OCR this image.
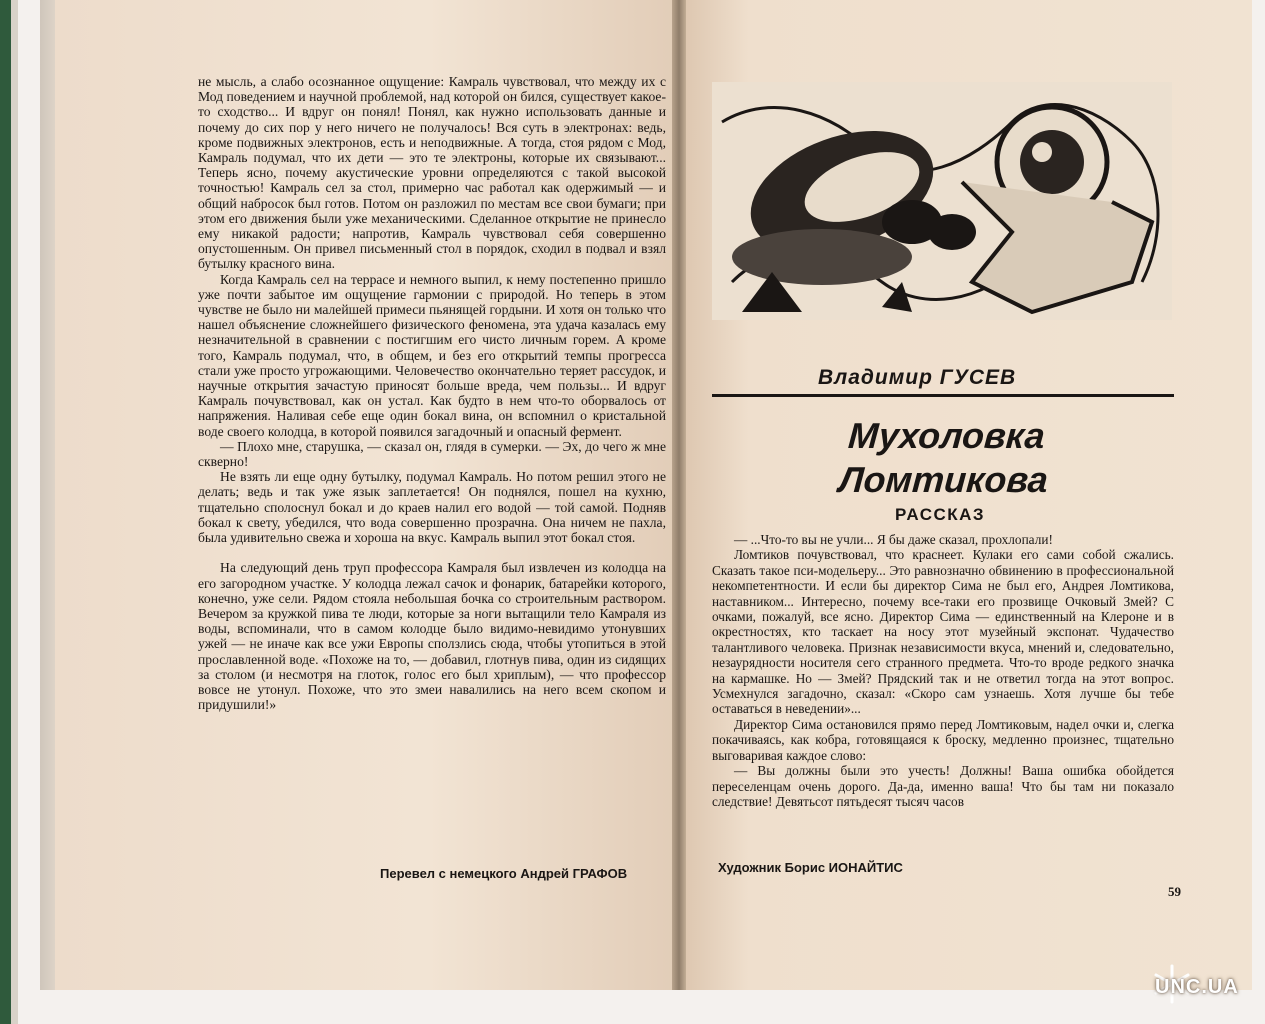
не мысль, а слабо осознанное ощущение: Камраль чувствовал, что между их с Мод поведением и научной проблемой, над которой он бился, существует какое-то сходство... И вдруг он понял! Понял, как нужно использовать данные и почему до сих пор у него ничего не получалось! Вся суть в электронах: ведь, кроме подвижных электронов, есть и неподвижные. А тогда, стоя рядом с Мод, Камраль подумал, что их дети — это те электроны, которые их связывают... Теперь ясно, почему акустические уровни определяются с такой высокой точностью! Камраль сел за стол, примерно час работал как одержимый — и общий набросок был готов. Потом он разложил по местам все свои бумаги; при этом его движения были уже механическими. Сделанное открытие не принесло ему никакой радости; напротив, Камраль чувствовал себя совершенно опустошенным. Он привел письменный стол в порядок, сходил в подвал и взял бутылку красного вина.

Когда Камраль сел на террасе и немного выпил, к нему постепенно пришло уже почти забытое им ощущение гармонии с природой. Но теперь в этом чувстве не было ни малейшей примеси пьянящей гордыни. И хотя он только что нашел объяснение сложнейшего физического феномена, эта удача казалась ему незначительной в сравнении с постигшим его чисто личным горем. А кроме того, Камраль подумал, что, в общем, и без его открытий темпы прогресса стали уже просто угрожающими. Человечество окончательно теряет рассудок, и научные открытия зачастую приносят больше вреда, чем пользы... И вдруг Камраль почувствовал, как он устал. Как будто в нем что-то оборвалось от напряжения. Наливая себе еще один бокал вина, он вспомнил о кристальной воде своего колодца, в которой появился загадочный и опасный фермент.

— Плохо мне, старушка, — сказал он, глядя в сумерки. — Эх, до чего ж мне скверно!

Не взять ли еще одну бутылку, подумал Камраль. Но потом решил этого не делать; ведь и так уже язык заплетается! Он поднялся, пошел на кухню, тщательно сполоснул бокал и до краев налил его водой — той самой. Подняв бокал к свету, убедился, что вода совершенно прозрачна. Она ничем не пахла, была удивительно свежа и хороша на вкус. Камраль выпил этот бокал стоя.

На следующий день труп профессора Камраля был извлечен из колодца на его загородном участке. У колодца лежал сачок и фонарик, батарейки которого, конечно, уже сели. Рядом стояла небольшая бочка со строительным раствором. Вечером за кружкой пива те люди, которые за ноги вытащили тело Камраля из воды, вспоминали, что в самом колодце было видимо-невидимо утонувших ужей — не иначе как все ужи Европы сползлись сюда, чтобы утопиться в этой прославленной воде. «Похоже на то, — добавил, глотнув пива, один из сидящих за столом (и несмотря на глоток, голос его был хриплым), — что профессор вовсе не утонул. Похоже, что это змеи навалились на него всем скопом и придушили!»

Перевел с немецкого Андрей ГРАФОВ
Владимир ГУСЕВ
Мухоловка
Ломтикова
РАССКАЗ

— ...Что-то вы не учли... Я бы даже сказал, прохлопали!

Ломтиков почувствовал, что краснеет. Кулаки его сами собой сжались. Сказать такое пси-модельеру... Это равнозначно обвинению в профессиональной некомпетентности. И если бы директор Сима не был его, Андрея Ломтикова, наставником... Интересно, почему все-таки его прозвище Очковый Змей? С очками, пожалуй, все ясно. Директор Сима — единственный на Клероне и в окрестностях, кто таскает на носу этот музейный экспонат. Чудачество талантливого человека. Признак независимости вкуса, мнений и, следовательно, незаурядности носителя сего странного предмета. Что-то вроде редкого значка на кармашке. Но — Змей? Прядский так и не ответил тогда на этот вопрос. Усмехнулся загадочно, сказал: «Скоро сам узнаешь. Хотя лучше бы тебе оставаться в неведении»...

Директор Сима остановился прямо перед Ломтиковым, надел очки и, слегка покачиваясь, как кобра, готовящаяся к броску, медленно произнес, тщательно выговаривая каждое слово:

— Вы должны были это учесть! Должны! Ваша ошибка обойдется переселенцам очень дорого. Да-да, именно ваша! Что бы там ни показало следствие! Девятьсот пятьдесят тысяч часов

Художник Борис ИОНАЙТИС
59
UNC.UA
